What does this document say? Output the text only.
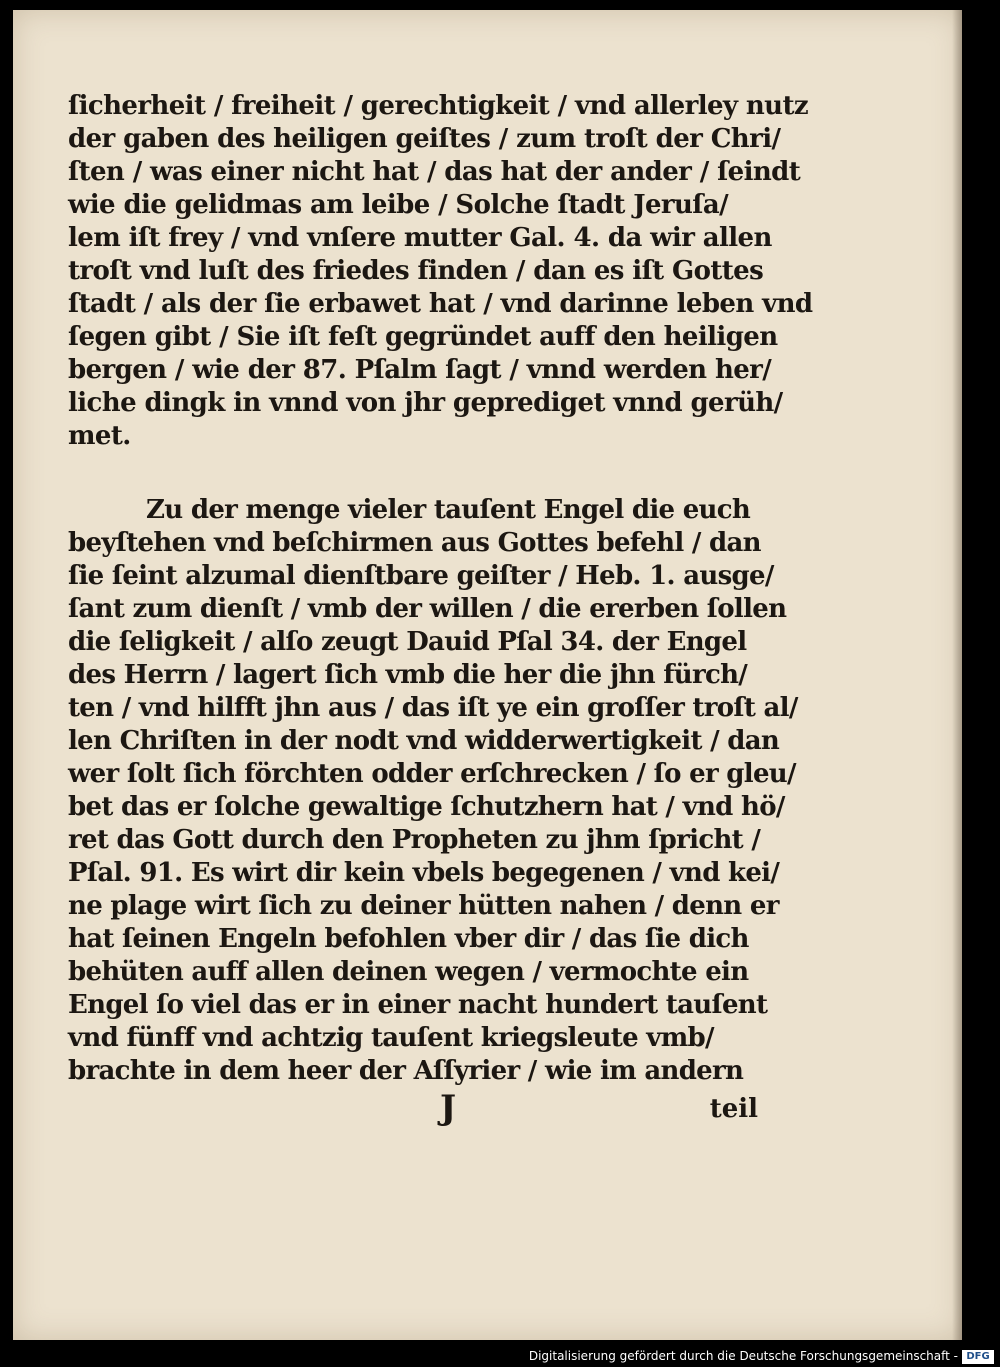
ſicherheit / freiheit / gerechtigkeit / vnd allerley nutz
der gaben des heiligen geiſtes / zum troſt der Chri/
ſten / was einer nicht hat / das hat der ander / ſeindt
wie die gelidmas am leibe / Solche ſtadt Jeruſa/
lem iſt frey / vnd vnſere mutter Gal. 4. da wir allen
troſt vnd luſt des friedes finden / dan es iſt Gottes
ſtadt / als der ſie erbawet hat / vnd darinne leben vnd
ſegen gibt / Sie iſt feſt gegründet auff den heiligen
bergen / wie der 87. Pſalm ſagt / vnnd werden her/
liche dingk in vnnd von jhr geprediget vnnd gerüh/
met.
Zu der menge vieler tauſent Engel die euch
beyſtehen vnd beſchirmen aus Gottes befehl / dan
ſie ſeint alzumal dienſtbare geiſter / Heb. 1. ausge/
ſant zum dienſt / vmb der willen / die ererben ſollen
die ſeligkeit / alſo zeugt Dauid Pſal 34. der Engel
des Herrn / lagert ſich vmb die her die jhn fürch/
ten / vnd hilfft jhn aus / das iſt ye ein groſſer troſt al/
len Chriſten in der nodt vnd widderwertigkeit / dan
wer ſolt ſich förchten odder erſchrecken / ſo er gleu/
bet das er ſolche gewaltige ſchutzhern hat / vnd hö/
ret das Gott durch den Propheten zu jhm ſpricht /
Pſal. 91. Es wirt dir kein vbels begegenen / vnd kei/
ne plage wirt ſich zu deiner hütten nahen / denn er
hat ſeinen Engeln befohlen vber dir / das ſie dich
behüten auff allen deinen wegen / vermochte ein
Engel ſo viel das er in einer nacht hundert tauſent
vnd fünff vnd achtzig tauſent kriegsleute vmb/
brachte in dem heer der Aſſyrier / wie im andern
J	teil
Digitalisierung gefördert durch die Deutsche Forschungsgemeinschaft - DFG
